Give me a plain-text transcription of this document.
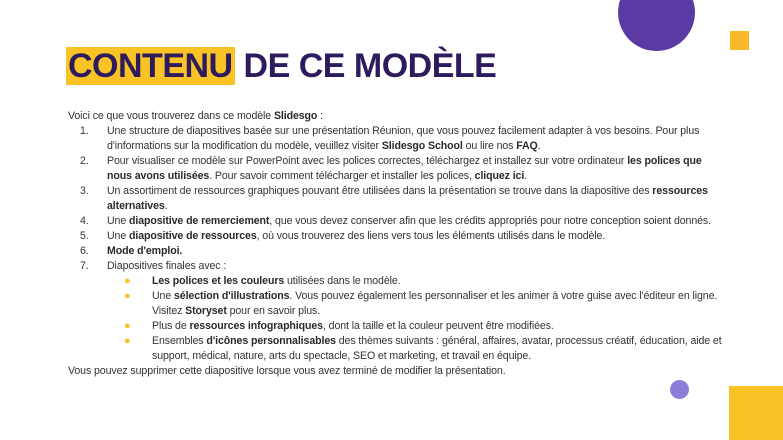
CONTENU DE CE MODÈLE

Voici ce que vous trouverez dans ce modèle Slidesgo :

1. Une structure de diapositives basée sur une présentation Réunion, que vous pouvez facilement adapter à vos besoins. Pour plus d'informations sur la modification du modèle, veuillez visiter Slidesgo School ou lire nos FAQ.
2. Pour visualiser ce modèle sur PowerPoint avec les polices correctes, téléchargez et installez sur votre ordinateur les polices que nous avons utilisées. Pour savoir comment télécharger et installer les polices, cliquez ici.
3. Un assortiment de ressources graphiques pouvant être utilisées dans la présentation se trouve dans la diapositive des ressources alternatives.
4. Une diapositive de remerciement, que vous devez conserver afin que les crédits appropriés pour notre conception soient donnés.
5. Une diapositive de ressources, où vous trouverez des liens vers tous les éléments utilisés dans le modèle.
6. Mode d'emploi.
7. Diapositives finales avec :
● Les polices et les couleurs utilisées dans le modèle.
● Une sélection d'illustrations. Vous pouvez également les personnaliser et les animer à votre guise avec l'éditeur en ligne. Visitez Storyset pour en savoir plus.
● Plus de ressources infographiques, dont la taille et la couleur peuvent être modifiées.
● Ensembles d'icônes personnalisables des thèmes suivants : général, affaires, avatar, processus créatif, éducation, aide et support, médical, nature, arts du spectacle, SEO et marketing, et travail en équipe.

Vous pouvez supprimer cette diapositive lorsque vous avez terminé de modifier la présentation.
